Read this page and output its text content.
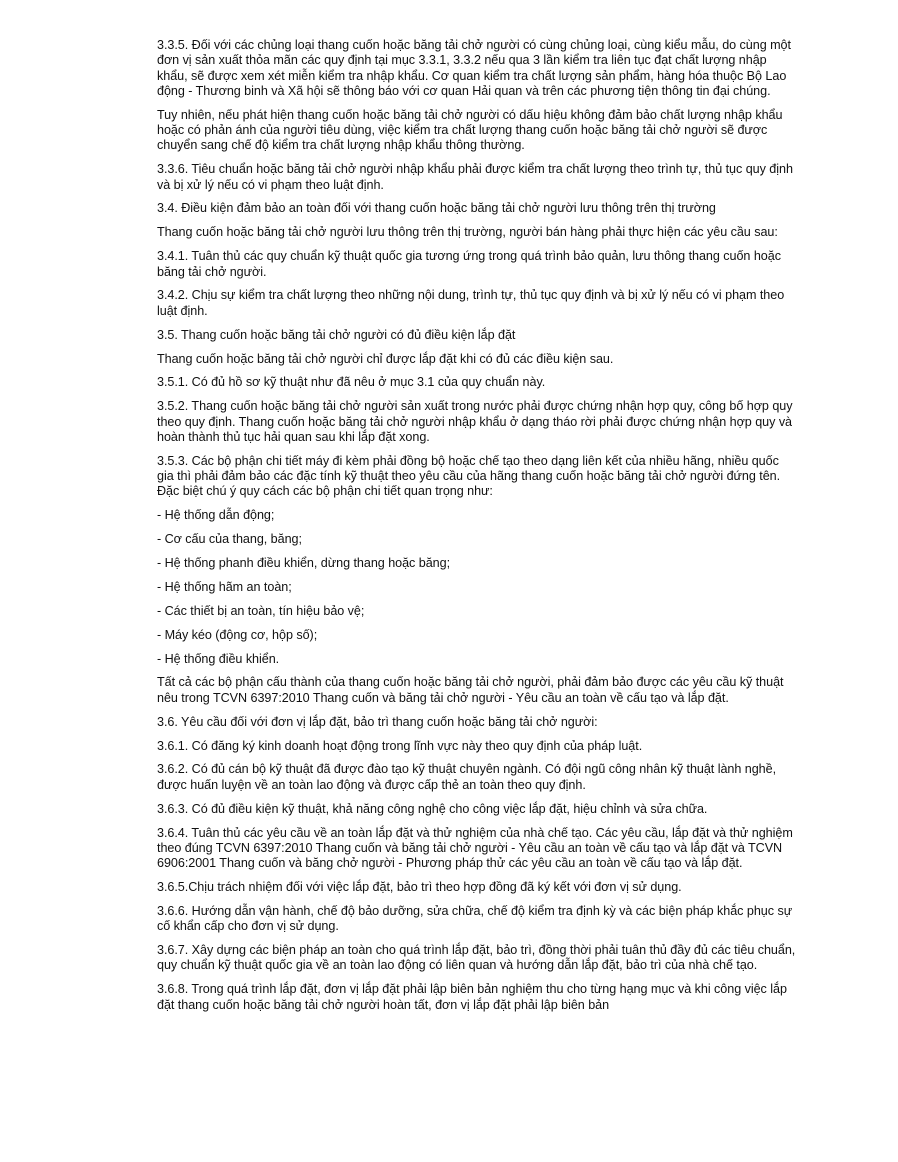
3.3.5. Đối với các chủng loại thang cuốn hoặc băng tải chở người có cùng chủng loại, cùng kiểu mẫu, do cùng một đơn vị sản xuất thỏa mãn các quy định tại mục 3.3.1, 3.3.2 nếu qua 3 lần kiểm tra liên tục đạt chất lượng nhập khẩu, sẽ được xem xét miễn kiểm tra nhập khẩu. Cơ quan kiểm tra chất lượng sản phẩm, hàng hóa thuộc Bộ Lao động - Thương binh và Xã hội sẽ thông báo với cơ quan Hải quan và trên các phương tiện thông tin đại chúng.

Tuy nhiên, nếu phát hiện thang cuốn hoặc băng tải chở người có dấu hiệu không đảm bảo chất lượng nhập khẩu hoặc có phản ánh của người tiêu dùng, việc kiểm tra chất lượng thang cuốn hoặc băng tải chở người sẽ được chuyển sang chế độ kiểm tra chất lượng nhập khẩu thông thường.

3.3.6. Tiêu chuẩn hoặc băng tải chở người nhập khẩu phải được kiểm tra chất lượng theo trình tự, thủ tục quy định và bị xử lý nếu có vi phạm theo luật định.

3.4. Điều kiện đảm bảo an toàn đối với thang cuốn hoặc băng tải chở người lưu thông trên thị trường

Thang cuốn hoặc băng tải chở người lưu thông trên thị trường, người bán hàng phải thực hiện các yêu cầu sau:

3.4.1. Tuân thủ các quy chuẩn kỹ thuật quốc gia tương ứng trong quá trình bảo quản, lưu thông thang cuốn hoặc băng tải chở người.

3.4.2. Chịu sự kiểm tra chất lượng theo những nội dung, trình tự, thủ tục quy định và bị xử lý nếu có vi phạm theo luật định.

3.5. Thang cuốn hoặc băng tải chở người có đủ điều kiện lắp đặt

Thang cuốn hoặc băng tải chở người chỉ được lắp đặt khi có đủ các điều kiện sau.

3.5.1. Có đủ hồ sơ kỹ thuật như đã nêu ở mục 3.1 của quy chuẩn này.

3.5.2. Thang cuốn hoặc băng tải chở người sản xuất trong nước phải được chứng nhận hợp quy, công bố hợp quy theo quy định. Thang cuốn hoặc băng tải chở người nhập khẩu ở dạng tháo rời phải được chứng nhận hợp quy và hoàn thành thủ tục hải quan sau khi lắp đặt xong.

3.5.3. Các bộ phận chi tiết máy đi kèm phải đồng bộ hoặc chế tạo theo dạng liên kết của nhiều hãng, nhiều quốc gia thì phải đảm bảo các đặc tính kỹ thuật theo yêu cầu của hãng thang cuốn hoặc băng tải chở người đứng tên. Đặc biệt chú ý quy cách các bộ phận chi tiết quan trọng như:

- Hệ thống dẫn động;

- Cơ cấu của thang, băng;

- Hệ thống phanh điều khiển, dừng thang hoặc băng;

- Hệ thống hãm an toàn;

- Các thiết bị an toàn, tín hiệu bảo vệ;

- Máy kéo (động cơ, hộp số);

- Hệ thống điều khiển.

Tất cả các bộ phận cấu thành của thang cuốn hoặc băng tải chở người, phải đảm bảo được các yêu cầu kỹ thuật nêu trong TCVN 6397:2010 Thang cuốn và băng tải chở người - Yêu cầu an toàn về cấu tạo và lắp đặt.

3.6. Yêu cầu đối với đơn vị lắp đặt, bảo trì thang cuốn hoặc băng tải chở người:

3.6.1. Có đăng ký kinh doanh hoạt động trong lĩnh vực này theo quy định của pháp luật.

3.6.2. Có đủ cán bộ kỹ thuật đã được đào tạo kỹ thuật chuyên ngành. Có đội ngũ công nhân kỹ thuật lành nghề, được huấn luyện về an toàn lao động và được cấp thẻ an toàn theo quy định.

3.6.3. Có đủ điều kiện kỹ thuật, khả năng công nghệ cho công việc lắp đặt, hiệu chỉnh và sửa chữa.

3.6.4. Tuân thủ các yêu cầu về an toàn lắp đặt và thử nghiệm của nhà chế tạo. Các yêu cầu, lắp đặt và thử nghiệm theo đúng TCVN 6397:2010 Thang cuốn và băng tải chở người - Yêu cầu an toàn về cấu tạo và lắp đặt và TCVN 6906:2001 Thang cuốn và băng chở người - Phương pháp thử các yêu cầu an toàn về cấu tạo và lắp đặt.

3.6.5.Chịu trách nhiệm đối với việc lắp đặt, bảo trì theo hợp đồng đã ký kết với đơn vị sử dụng.

3.6.6. Hướng dẫn vận hành, chế độ bảo dưỡng, sửa chữa, chế độ kiểm tra định kỳ và các biện pháp khắc phục sự cố khẩn cấp cho đơn vị sử dụng.

3.6.7. Xây dựng các biện pháp an toàn cho quá trình lắp đặt, bảo trì, đồng thời phải tuân thủ đầy đủ các tiêu chuẩn, quy chuẩn kỹ thuật quốc gia về an toàn lao động có liên quan và hướng dẫn lắp đặt, bảo trì của nhà chế tạo.

3.6.8. Trong quá trình lắp đặt, đơn vị lắp đặt phải lập biên bản nghiệm thu cho từng hạng mục và khi công việc lắp đặt thang cuốn hoặc băng tải chở người hoàn tất, đơn vị lắp đặt phải lập biên bản
